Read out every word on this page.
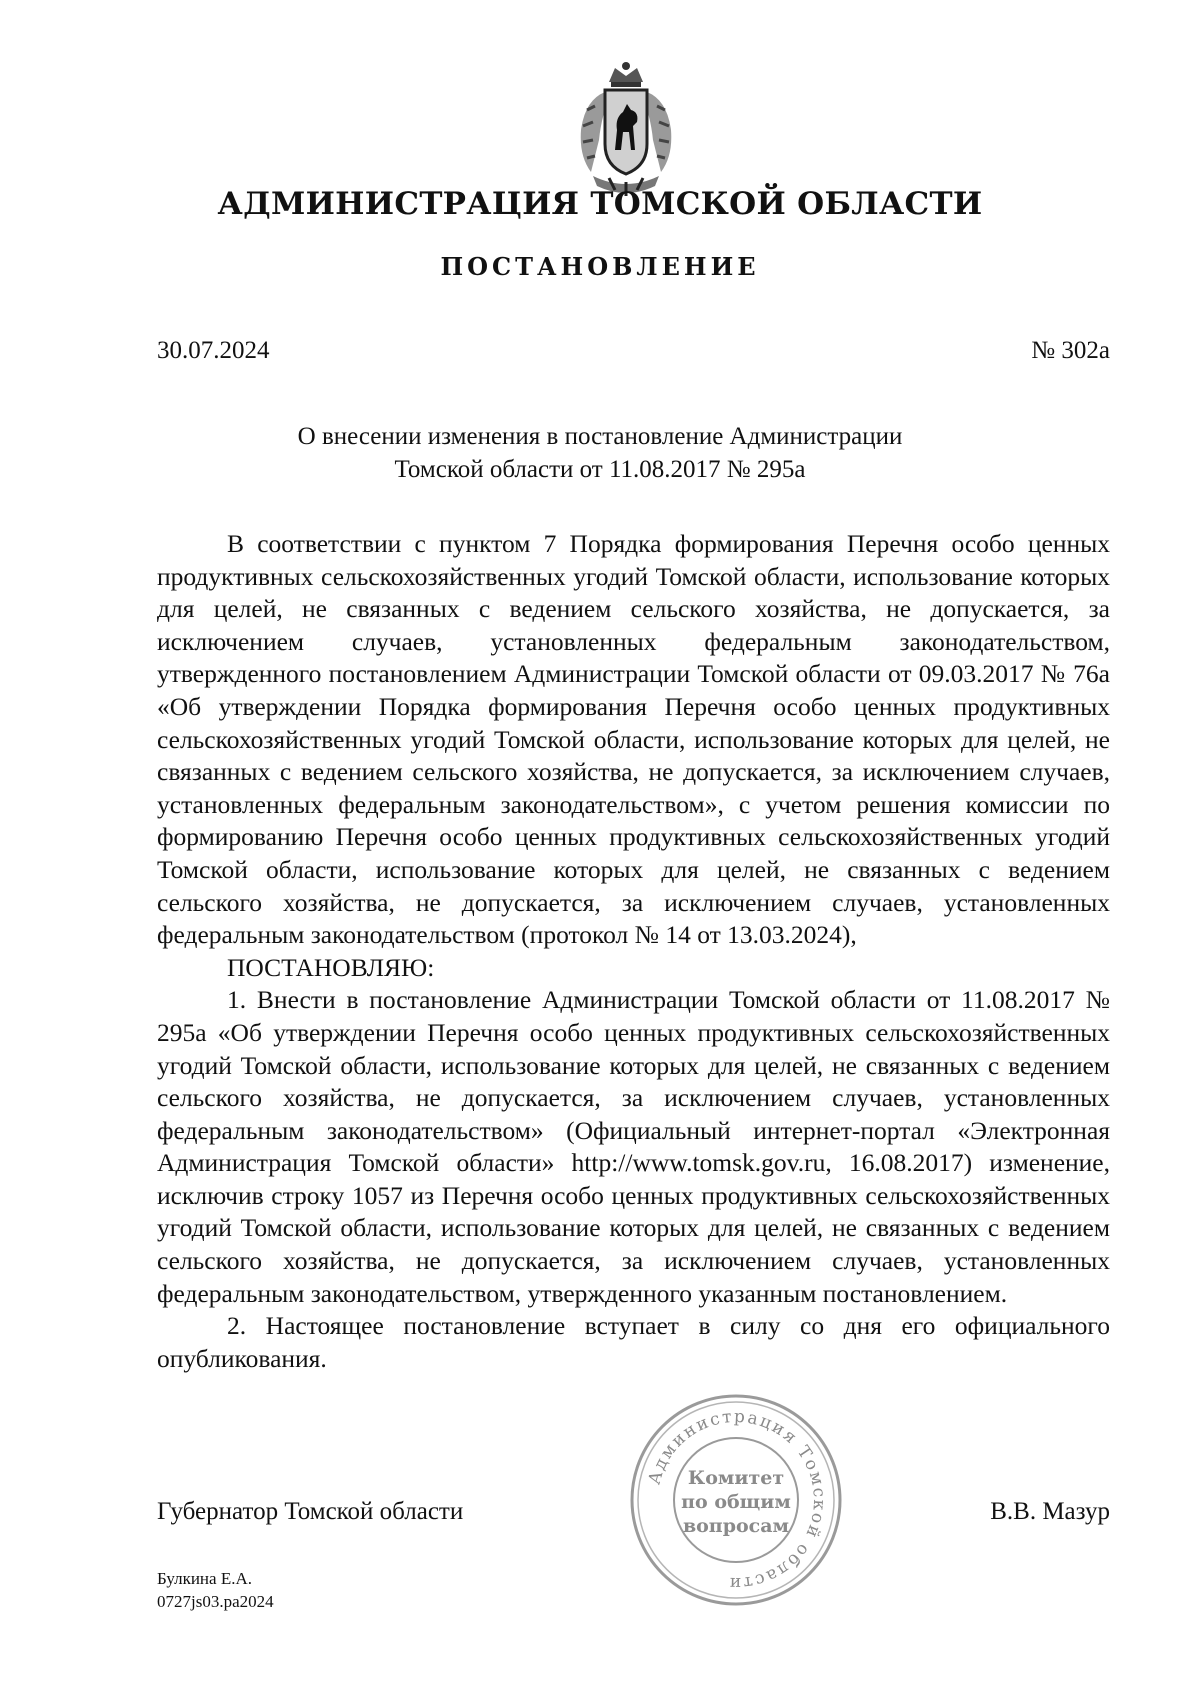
АДМИНИСТРАЦИЯ ТОМСКОЙ ОБЛАСТИ
ПОСТАНОВЛЕНИЕ
30.07.2024	№ 302а
О внесении изменения в постановление Администрации
Томской области от 11.08.2017 № 295а

В соответствии с пунктом 7 Порядка формирования Перечня особо ценных продуктивных сельскохозяйственных угодий Томской области, использование которых для целей, не связанных с ведением сельского хозяйства, не допускается, за исключением случаев, установленных федеральным законодательством, утвержденного постановлением Администрации Томской области от 09.03.2017 № 76а «Об утверждении Порядка формирования Перечня особо ценных продуктивных сельскохозяйственных угодий Томской области, использование которых для целей, не связанных с ведением сельского хозяйства, не допускается, за исключением случаев, установленных федеральным законодательством», с учетом решения комиссии по формированию Перечня особо ценных продуктивных сельскохозяйственных угодий Томской области, использование которых для целей, не связанных с ведением сельского хозяйства, не допускается, за исключением случаев, установленных федеральным законодательством (протокол № 14 от 13.03.2024),

ПОСТАНОВЛЯЮ:

1. Внести в постановление Администрации Томской области от 11.08.2017 № 295а «Об утверждении Перечня особо ценных продуктивных сельскохозяйственных угодий Томской области, использование которых для целей, не связанных с ведением сельского хозяйства, не допускается, за исключением случаев, установленных федеральным законодательством» (Официальный интернет-портал «Электронная Администрация Томской области» http://www.tomsk.gov.ru, 16.08.2017) изменение, исключив строку 1057 из Перечня особо ценных продуктивных сельскохозяйственных угодий Томской области, использование которых для целей, не связанных с ведением сельского хозяйства, не допускается, за исключением случаев, установленных федеральным законодательством, утвержденного указанным постановлением.

2. Настоящее постановление вступает в силу со дня его официального опубликования.

Администрация Томской области
Комитет
по общим
вопросам
Губернатор Томской области	В.В. Мазур
Булкина Е.А.
0727js03.pa2024
